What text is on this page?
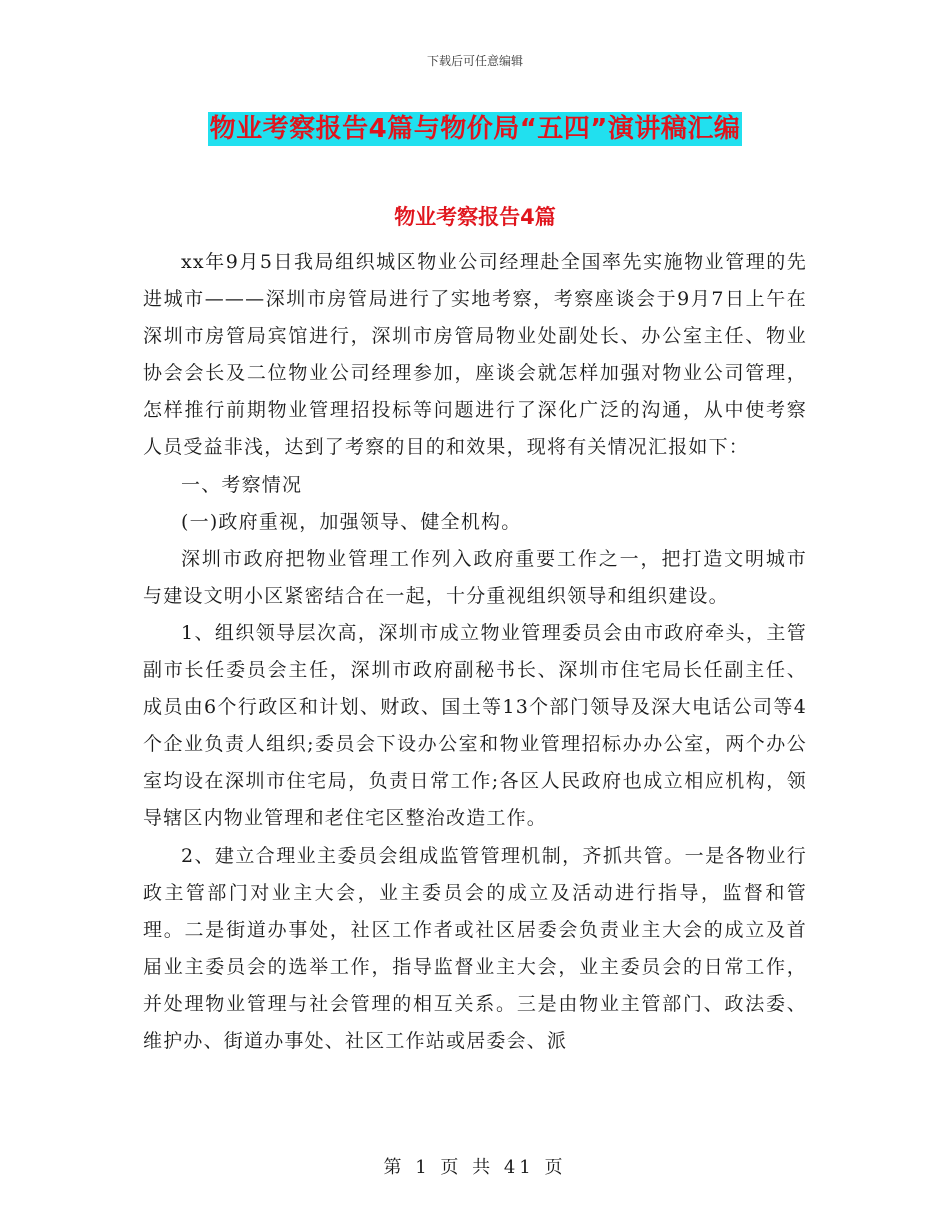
下载后可任意编辑
物业考察报告4篇与物价局“五四”演讲稿汇编
物业考察报告4篇

xx年9月5日我局组织城区物业公司经理赴全国率先实施物业管理的先进城市———深圳市房管局进行了实地考察，考察座谈会于9月7日上午在深圳市房管局宾馆进行，深圳市房管局物业处副处长、办公室主任、物业协会会长及二位物业公司经理参加，座谈会就怎样加强对物业公司管理，怎样推行前期物业管理招投标等问题进行了深化广泛的沟通，从中使考察人员受益非浅，达到了考察的目的和效果，现将有关情况汇报如下：

一、考察情况

(一)政府重视，加强领导、健全机构。

深圳市政府把物业管理工作列入政府重要工作之一，把打造文明城市与建设文明小区紧密结合在一起，十分重视组织领导和组织建设。

1、组织领导层次高，深圳市成立物业管理委员会由市政府牵头，主管副市长任委员会主任，深圳市政府副秘书长、深圳市住宅局长任副主任、成员由6个行政区和计划、财政、国土等13个部门领导及深大电话公司等4个企业负责人组织;委员会下设办公室和物业管理招标办办公室，两个办公室均设在深圳市住宅局，负责日常工作;各区人民政府也成立相应机构，领导辖区内物业管理和老住宅区整治改造工作。

2、建立合理业主委员会组成监管管理机制，齐抓共管。一是各物业行政主管部门对业主大会，业主委员会的成立及活动进行指导，监督和管理。二是街道办事处，社区工作者或社区居委会负责业主大会的成立及首届业主委员会的选举工作，指导监督业主大会，业主委员会的日常工作，并处理物业管理与社会管理的相互关系。三是由物业主管部门、政法委、维护办、街道办事处、社区工作站或居委会、派

第 1 页 共 41 页
